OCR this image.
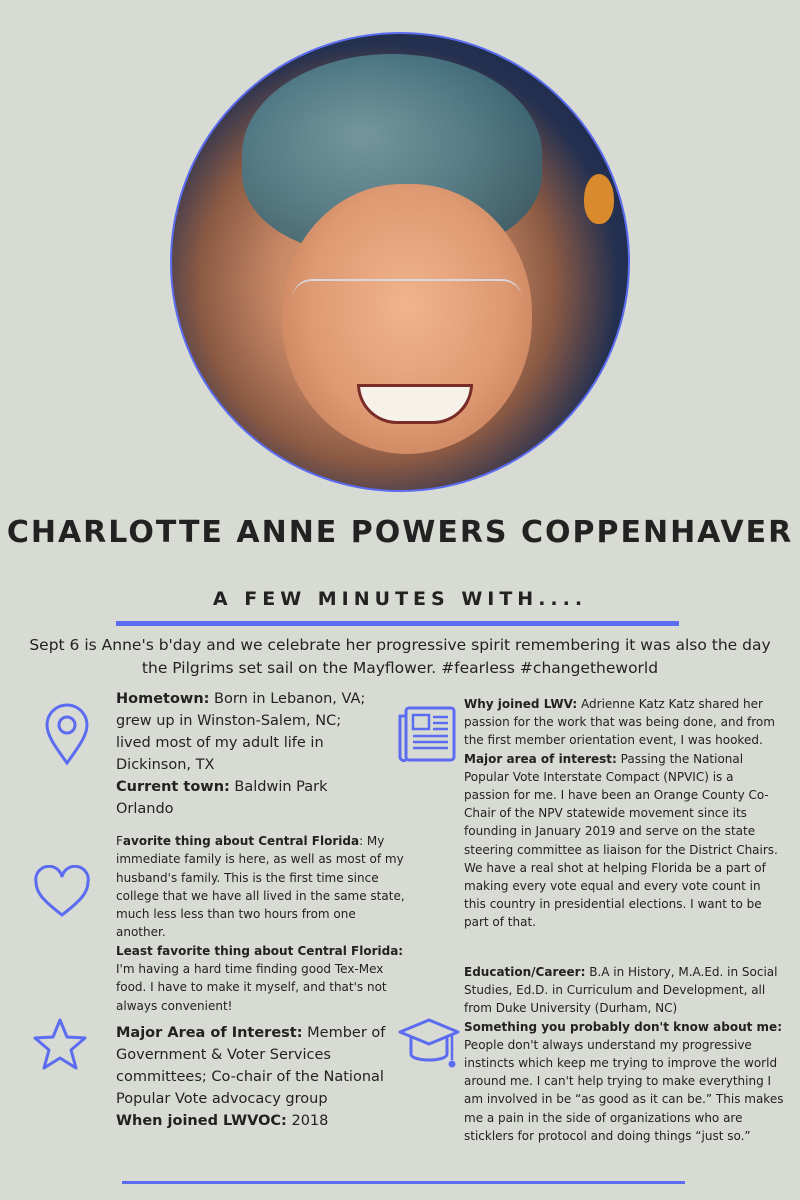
CHARLOTTE ANNE POWERS COPPENHAVER
A FEW MINUTES WITH....

Sept 6 is Anne's b'day and we celebrate her progressive spirit remembering it was also the day the Pilgrims set sail on the Mayflower. #fearless #changetheworld

Hometown: Born in Lebanon, VA; grew up in Winston-Salem, NC; lived most of my adult life in Dickinson, TX

Current town: Baldwin Park Orlando

Favorite thing about Central Florida: My immediate family is here, as well as most of my husband's family. This is the first time since college that we have all lived in the same state, much less less than two hours from one another.

Least favorite thing about Central Florida: I'm having a hard time finding good Tex-Mex food. I have to make it myself, and that's not always convenient!

Major Area of Interest: Member of Government & Voter Services committees; Co-chair of the National Popular Vote advocacy group

When joined LWVOC: 2018

Why joined LWV: Adrienne Katz Katz shared her passion for the work that was being done, and from the first member orientation event, I was hooked.

Major area of interest: Passing the National Popular Vote Interstate Compact (NPVIC) is a passion for me. I have been an Orange County Co-Chair of the NPV statewide movement since its founding in January 2019 and serve on the state steering committee as liaison for the District Chairs. We have a real shot at helping Florida be a part of making every vote equal and every vote count in this country in presidential elections. I want to be part of that.

Education/Career: B.A in History, M.A.Ed. in Social Studies, Ed.D. in Curriculum and Development, all from Duke University (Durham, NC)

Something you probably don't know about me: People don't always understand my progressive instincts which keep me trying to improve the world around me. I can't help trying to make everything I am involved in be “as good as it can be.” This makes me a pain in the side of organizations who are sticklers for protocol and doing things “just so.”
